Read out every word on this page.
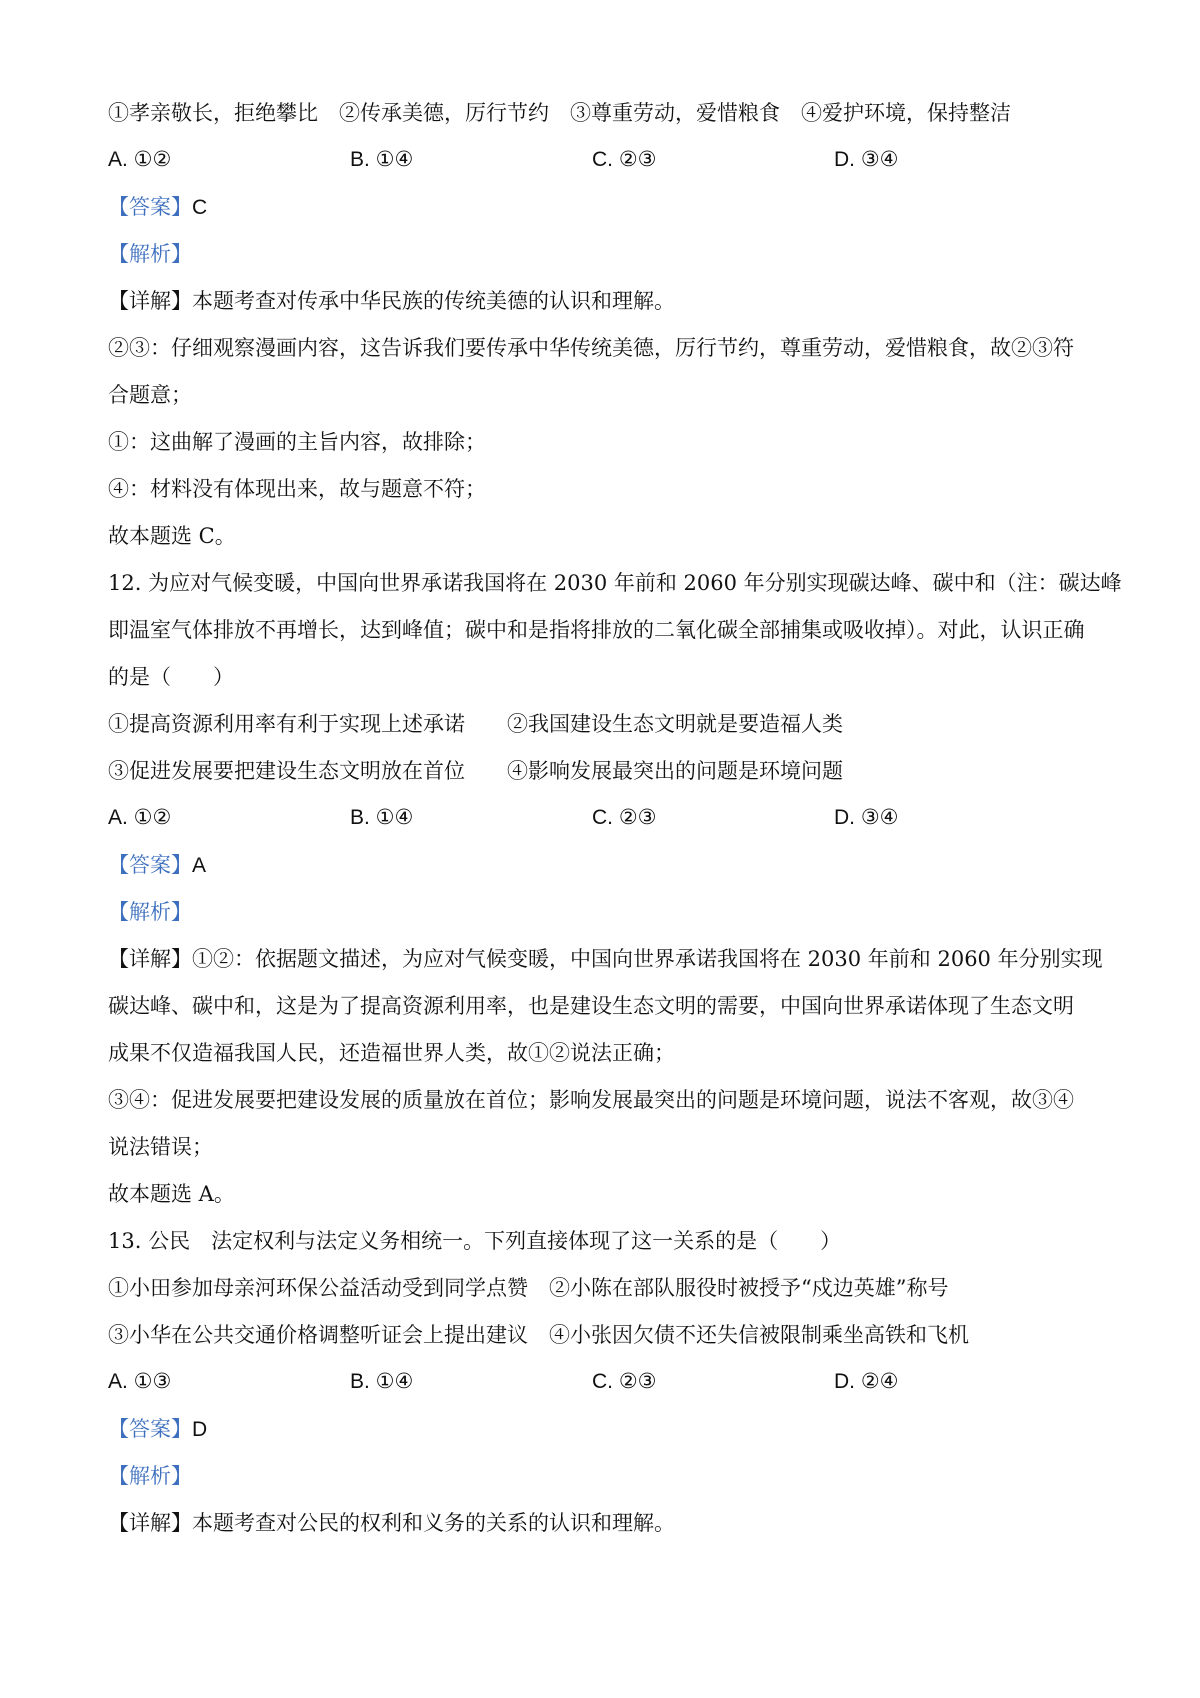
①孝亲敬长，拒绝攀比　②传承美德，厉行节约　③尊重劳动，爱惜粮食　④爱护环境，保持整洁
A. ①②	B. ①④	C. ②③	D. ③④
【答案】C
【解析】
【详解】本题考查对传承中华民族的传统美德的认识和理解。
②③：仔细观察漫画内容，这告诉我们要传承中华传统美德，厉行节约，尊重劳动，爱惜粮食，故②③符
合题意；
①：这曲解了漫画的主旨内容，故排除；
④：材料没有体现出来，故与题意不符；
故本题选 C。
12. 为应对气候变暖，中国向世界承诺我国将在 2030 年前和 2060 年分别实现碳达峰、碳中和（注：碳达峰
即温室气体排放不再增长，达到峰值；碳中和是指将排放的二氧化碳全部捕集或吸收掉）。对此，认识正确
的是（　　）
①提高资源利用率有利于实现上述承诺　　②我国建设生态文明就是要造福人类
③促进发展要把建设生态文明放在首位　　④影响发展最突出的问题是环境问题
A. ①②	B. ①④	C. ②③	D. ③④
【答案】A
【解析】
【详解】①②：依据题文描述，为应对气候变暖，中国向世界承诺我国将在 2030 年前和 2060 年分别实现
碳达峰、碳中和，这是为了提高资源利用率，也是建设生态文明的需要，中国向世界承诺体现了生态文明
成果不仅造福我国人民，还造福世界人类，故①②说法正确；
③④：促进发展要把建设发展的质量放在首位；影响发展最突出的问题是环境问题，说法不客观，故③④
说法错误；
故本题选 A。
13. 公民　法定权利与法定义务相统一。下列直接体现了这一关系的是（　　）
①小田参加母亲河环保公益活动受到同学点赞　②小陈在部队服役时被授予“戍边英雄”称号
③小华在公共交通价格调整听证会上提出建议　④小张因欠债不还失信被限制乘坐高铁和飞机
A. ①③	B. ①④	C. ②③	D. ②④
【答案】D
【解析】
【详解】本题考查对公民的权利和义务的关系的认识和理解。
